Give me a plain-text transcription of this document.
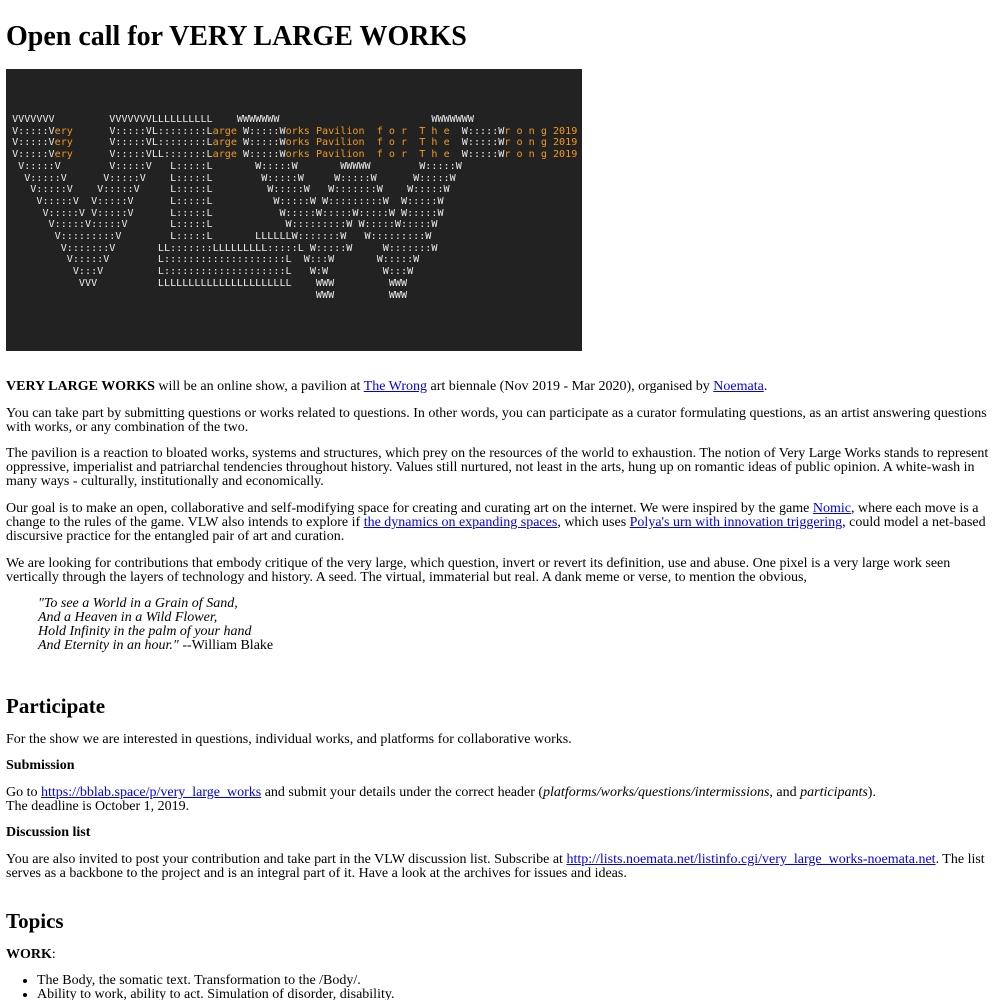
Open call for VERY LARGE WORKS
VVVVVVV         VVVVVVVLLLLLLLLLL    WWWWWWW                         WWWWWWW
V:::::Very      V:::::VL::::::::Large W:::::Works Pavilion  f o r  T h e  W:::::Wr o n g 2019
V:::::Very      V:::::VL::::::::Large W:::::Works Pavilion  f o r  T h e  W:::::Wr o n g 2019
V:::::Very      V:::::VLL:::::::Large W:::::Works Pavilion  f o r  T h e  W:::::Wr o n g 2019
V:::::V        V:::::V   L:::::L       W:::::W       WWWWW        W:::::W
V:::::V      V:::::V    L:::::L        W:::::W     W:::::W      W:::::W
V:::::V    V:::::V     L:::::L         W:::::W   W:::::::W    W:::::W
V:::::V  V:::::V      L:::::L          W:::::W W:::::::::W  W:::::W
V:::::V V:::::V      L:::::L           W:::::W:::::W:::::W W:::::W
V:::::V:::::V       L:::::L            W:::::::::W W:::::W:::::W
V:::::::::V        L:::::L       LLLLLLW:::::::W   W:::::::::W
V:::::::V       LL:::::::LLLLLLLLL:::::L W:::::W     W:::::::W
V:::::V        L::::::::::::::::::::L  W:::W       W:::::W
V:::V         L::::::::::::::::::::L   W:W         W:::W
VVV          LLLLLLLLLLLLLLLLLLLLLL    WWW         WWW
WWW         WWW

VERY LARGE WORKS will be an online show, a pavilion at The Wrong art biennale (Nov 2019 - Mar 2020), organised by Noemata.

You can take part by submitting questions or works related to questions. In other words, you can participate as a curator formulating questions, as an artist answering questions with works, or any combination of the two.

The pavilion is a reaction to bloated works, systems and structures, which prey on the resources of the world to exhaustion. The notion of Very Large Works stands to represent oppressive, imperialist and patriarchal tendencies throughout history. Values still nurtured, not least in the arts, hung up on romantic ideas of public opinion. A white-wash in many ways - culturally, institutionally and economically.

Our goal is to make an open, collaborative and self-modifying space for creating and curating art on the internet. We were inspired by the game Nomic, where each move is a change to the rules of the game. VLW also intends to explore if the dynamics on expanding spaces, which uses Polya's urn with innovation triggering, could model a net-based discursive practice for the entangled pair of art and curation.

We are looking for contributions that embody critique of the very large, which question, invert or revert its definition, use and abuse. One pixel is a very large work seen vertically through the layers of technology and history. A seed. The virtual, immaterial but real. A dank meme or verse, to mention the obvious,

"To see a World in a Grain of Sand,
And a Heaven in a Wild Flower,
Hold Infinity in the palm of your hand
And Eternity in an hour." --William Blake
Participate

For the show we are interested in questions, individual works, and platforms for collaborative works.

Submission

Go to https://bblab.space/p/very_large_works and submit your details under the correct header (platforms/works/questions/intermissions, and participants).
The deadline is October 1, 2019.

Discussion list

You are also invited to post your contribution and take part in the VLW discussion list. Subscribe at http://lists.noemata.net/listinfo.cgi/very_large_works-noemata.net. The list serves as a backbone to the project and is an integral part of it. Have a look at the archives for issues and ideas.

Topics
WORK:
• The Body, the somatic text. Transformation to the /Body/.
• Ability to work, ability to act. Simulation of disorder, disability.
